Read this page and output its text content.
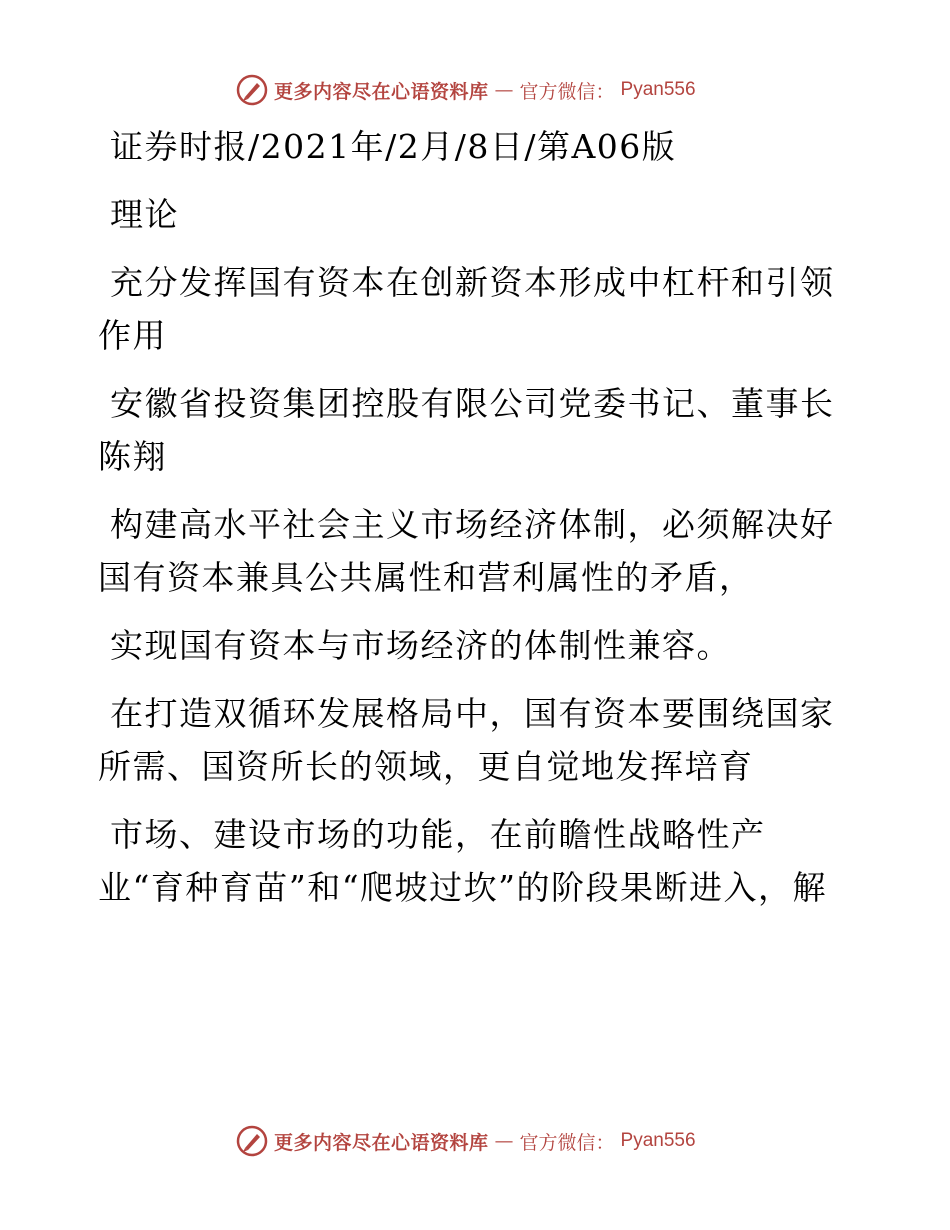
更多内容尽在心语资料库 — 官方微信： Pyan556

证券时报/2021年/2月/8日/第A06版

理论

充分发挥国有资本在创新资本形成中杠杆和引领作用

安徽省投资集团控股有限公司党委书记、董事长陈翔

构建高水平社会主义市场经济体制，必须解决好国有资本兼具公共属性和营利属性的矛盾，

实现国有资本与市场经济的体制性兼容。

在打造双循环发展格局中，国有资本要围绕国家所需、国资所长的领域，更自觉地发挥培育

市场、建设市场的功能，在前瞻性战略性产业“育种育苗”和“爬坡过坎”的阶段果断进入，解

更多内容尽在心语资料库 — 官方微信： Pyan556
